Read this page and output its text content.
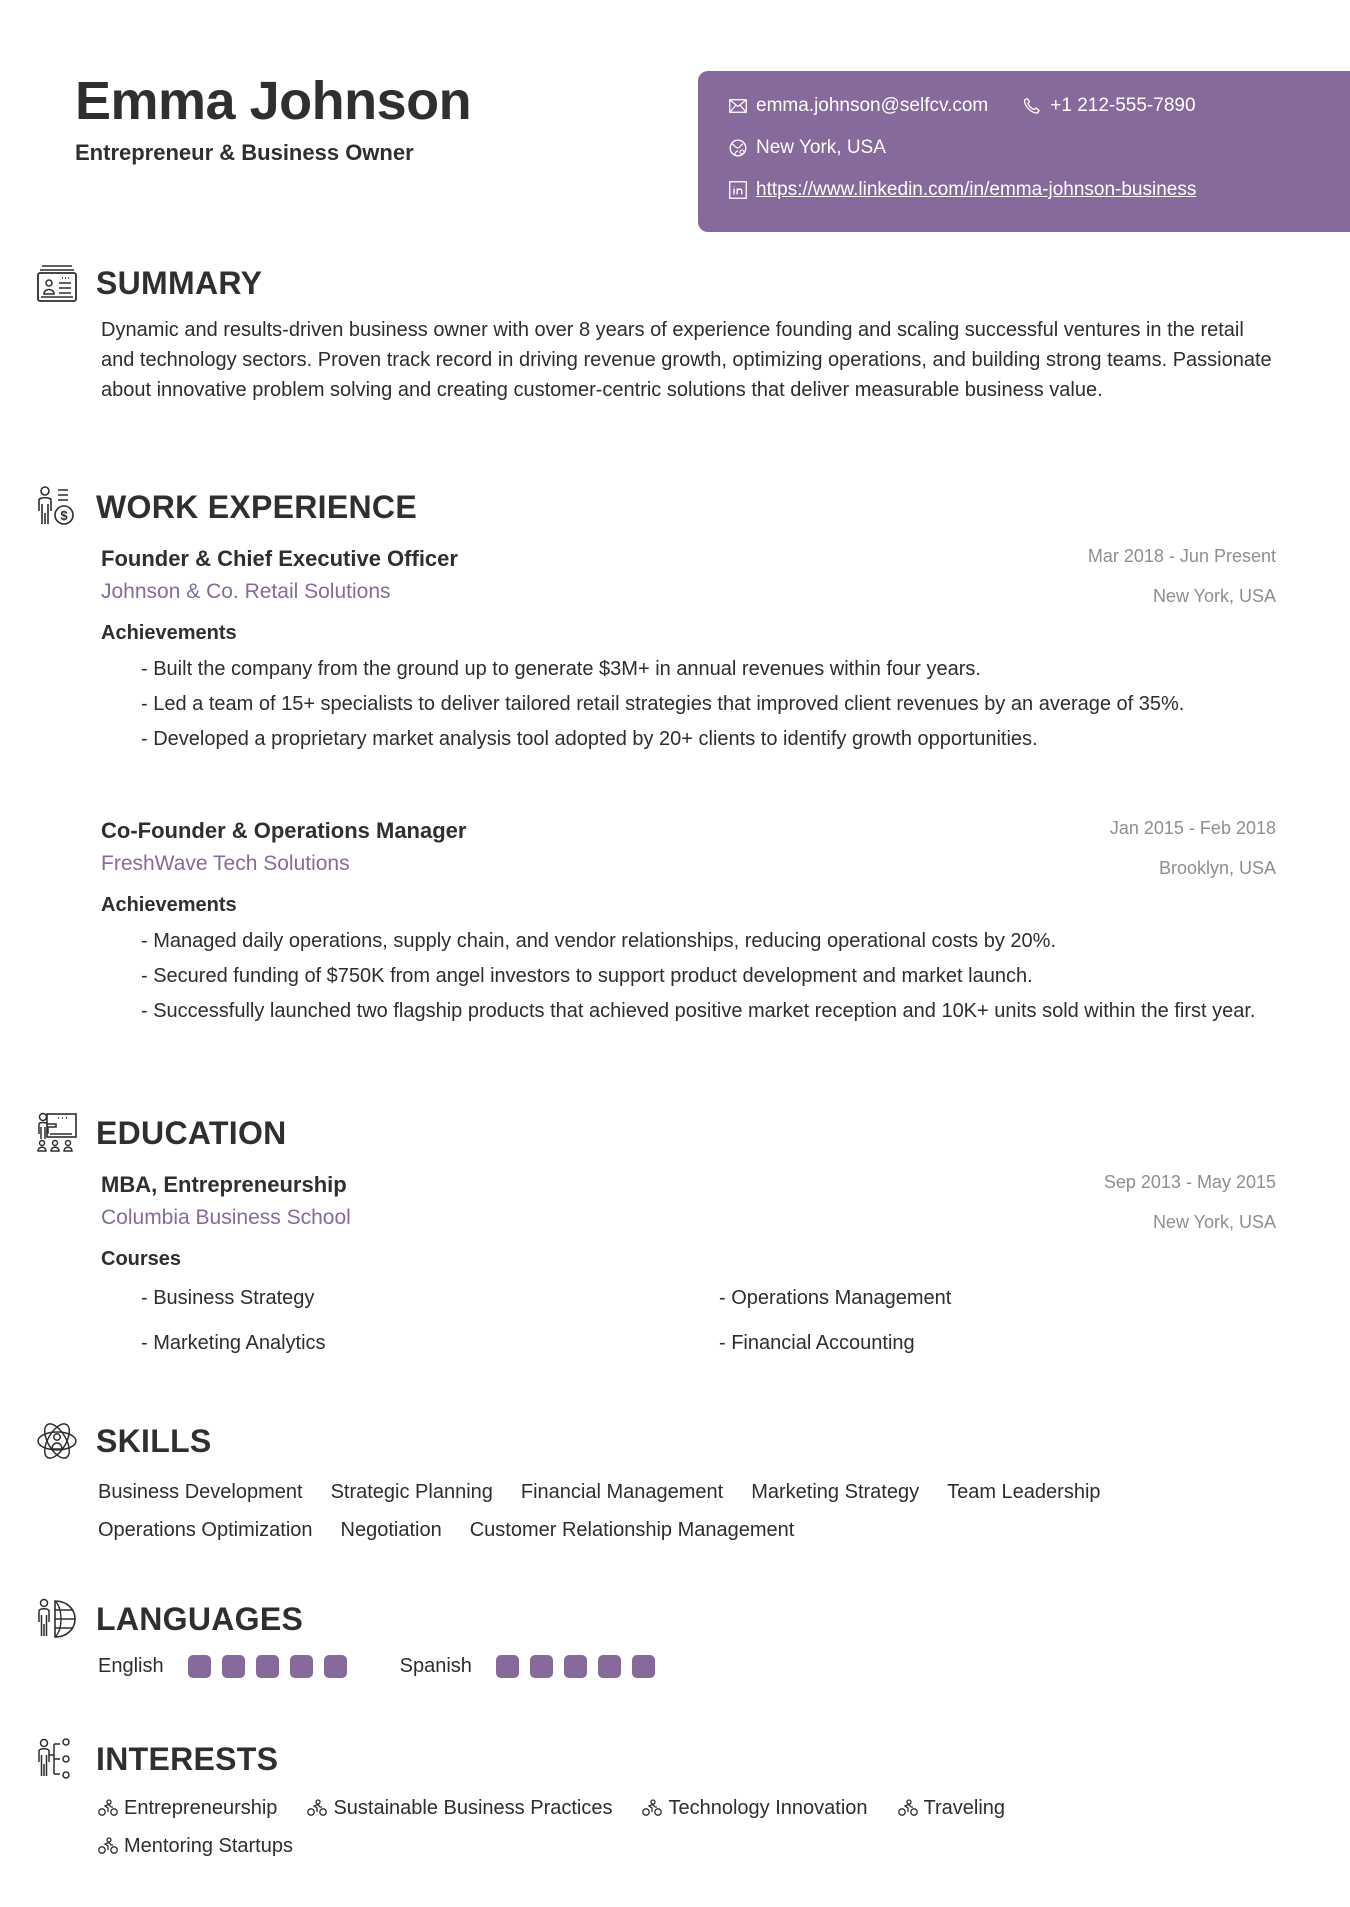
Emma Johnson
Entrepreneur & Business Owner
emma.johnson@selfcv.com	+1 212-555-7890
New York, USA
https://www.linkedin.com/in/emma-johnson-business
SUMMARY

Dynamic and results-driven business owner with over 8 years of experience founding and scaling successful ventures in the retail and technology sectors. Proven track record in driving revenue growth, optimizing operations, and building strong teams. Passionate about innovative problem solving and creating customer-centric solutions that deliver measurable business value.

$ WORK EXPERIENCE
Founder & Chief Executive Officer
Johnson & Co. Retail Solutions
Mar 2018 - Jun Present
New York, USA
Achievements
- Built the company from the ground up to generate $3M+ in annual revenues within four years.
- Led a team of 15+ specialists to deliver tailored retail strategies that improved client revenues by an average of 35%.
- Developed a proprietary market analysis tool adopted by 20+ clients to identify growth opportunities.
Co-Founder & Operations Manager
FreshWave Tech Solutions
Jan 2015 - Feb 2018
Brooklyn, USA
Achievements
- Managed daily operations, supply chain, and vendor relationships, reducing operational costs by 20%.
- Secured funding of $750K from angel investors to support product development and market launch.
- Successfully launched two flagship products that achieved positive market reception and 10K+ units sold within the first year.
EDUCATION
MBA, Entrepreneurship
Columbia Business School
Sep 2013 - May 2015
New York, USA
Courses
- Business Strategy	- Operations Management
- Marketing Analytics	- Financial Accounting
SKILLS
Business Development Strategic Planning Financial Management Marketing Strategy Team Leadership
Operations Optimization Negotiation Customer Relationship Management
LANGUAGES
English	Spanish
INTERESTS
Entrepreneurship	Sustainable Business Practices	Technology Innovation	Traveling
Mentoring Startups
